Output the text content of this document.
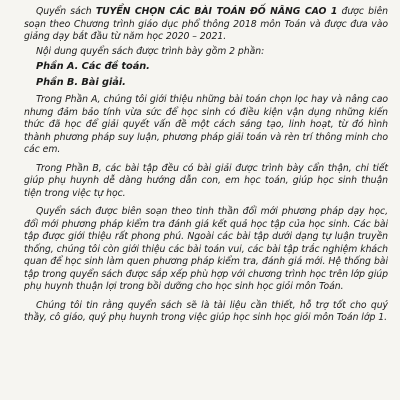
Quyển sách TUYỂN CHỌN CÁC BÀI TOÁN ĐỐ NÂNG CAO 1 được biên soạn theo Chương trình giáo dục phổ thông 2018 môn Toán và được đưa vào giảng dạy bắt đầu từ năm học 2020 – 2021.

Nội dung quyển sách được trình bày gồm 2 phần:

Phần A. Các đề toán.
Phần B. Bài giải.

Trong Phần A, chúng tôi giới thiệu những bài toán chọn lọc hay và nâng cao nhưng đảm bảo tính vừa sức để học sinh có điều kiện vận dụng những kiến thức đã học để giải quyết vấn đề một cách sáng tạo, linh hoạt, từ đó hình thành phương pháp suy luận, phương pháp giải toán và rèn trí thông minh cho các em.

Trong Phần B, các bài tập đều có bài giải được trình bày cẩn thận, chi tiết giúp phụ huynh dễ dàng hướng dẫn con, em học toán, giúp học sinh thuận tiện trong việc tự học.

Quyển sách được biên soạn theo tinh thần đổi mới phương pháp dạy học, đổi mới phương pháp kiểm tra đánh giá kết quả học tập của học sinh. Các bài tập được giới thiệu rất phong phú. Ngoài các bài tập dưới dạng tự luận truyền thống, chúng tôi còn giới thiệu các bài toán vui, các bài tập trắc nghiệm khách quan để học sinh làm quen phương pháp kiểm tra, đánh giá mới. Hệ thống bài tập trong quyển sách được sắp xếp phù hợp với chương trình học trên lớp giúp phụ huynh thuận lợi trong bồi dưỡng cho học sinh học giỏi môn Toán.

Chúng tôi tin rằng quyển sách sẽ là tài liệu cần thiết, hỗ trợ tốt cho quý thầy, cô giáo, quý phụ huynh trong việc giúp học sinh học giỏi môn Toán lớp 1.
